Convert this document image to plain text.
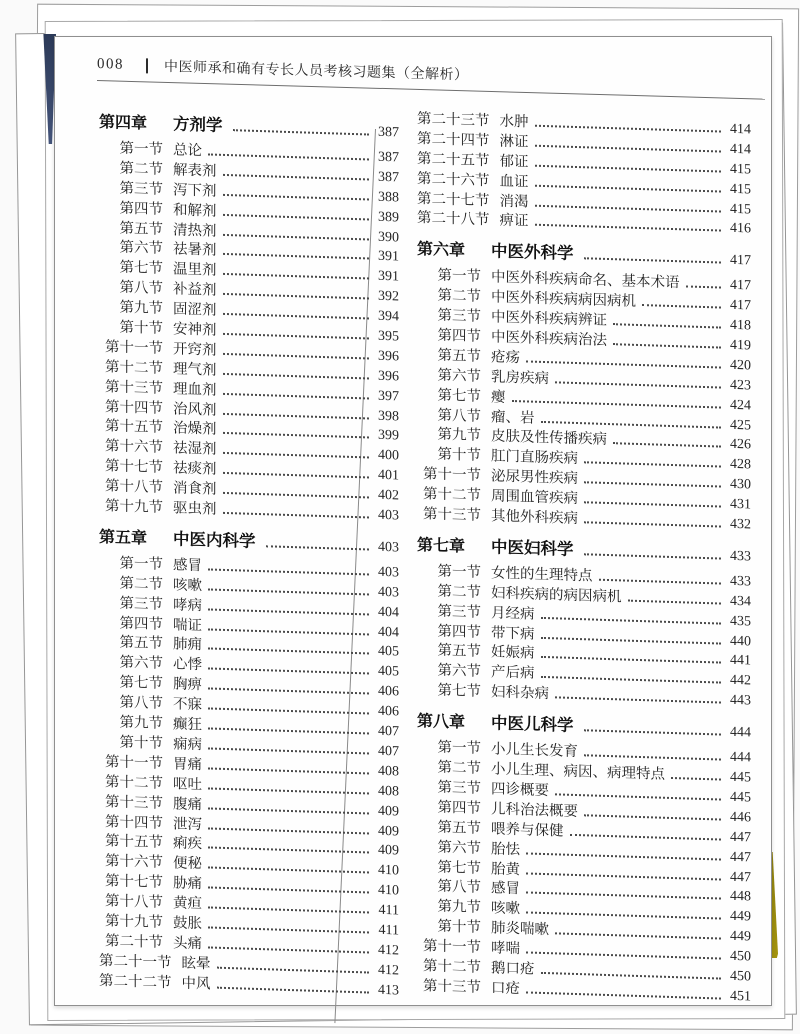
008	中医师承和确有专长人员考核习题集（全解析）
第四章	方剂学	387
第一节 总论	387
第二节 解表剂	387
第三节 泻下剂	388
第四节 和解剂	389
第五节 清热剂	390
第六节 祛暑剂	391
第七节 温里剂	391
第八节 补益剂	392
第九节 固涩剂	394
第十节 安神剂	395
第十一节 开窍剂	396
第十二节 理气剂	396
第十三节 理血剂	397
第十四节 治风剂	398
第十五节 治燥剂	399
第十六节 祛湿剂	400
第十七节 祛痰剂	401
第十八节 消食剂	402
第十九节 驱虫剂	403
第五章	中医内科学	403
第一节 感冒	403
第二节 咳嗽	403
第三节 哮病	404
第四节 喘证	404
第五节 肺痈	405
第六节 心悸	405
第七节 胸痹	406
第八节 不寐	406
第九节 癫狂	407
第十节 痫病	407
第十一节 胃痛	408
第十二节 呕吐	408
第十三节 腹痛	409
第十四节 泄泻	409
第十五节 痢疾	409
第十六节 便秘	410
第十七节 胁痛	410
第十八节 黄疸	411
第十九节 鼓胀	411
第二十节 头痛	412
第二十一节 眩晕	412
第二十二节 中风	413
第二十三节 水肿	414
第二十四节 淋证	414
第二十五节 郁证	415
第二十六节 血证	415
第二十七节 消渴	415
第二十八节 痹证	416
第六章	中医外科学	417
第一节 中医外科疾病命名、基本术语	417
第二节 中医外科疾病病因病机	417
第三节 中医外科疾病辨证	418
第四节 中医外科疾病治法	419
第五节 疮疡	420
第六节 乳房疾病	423
第七节 瘿	424
第八节 瘤、岩	425
第九节 皮肤及性传播疾病	426
第十节 肛门直肠疾病	428
第十一节 泌尿男性疾病	430
第十二节 周围血管疾病	431
第十三节 其他外科疾病	432
第七章	中医妇科学	433
第一节 女性的生理特点	433
第二节 妇科疾病的病因病机	434
第三节 月经病	435
第四节 带下病	440
第五节 妊娠病	441
第六节 产后病	442
第七节 妇科杂病	443
第八章	中医儿科学	444
第一节 小儿生长发育	444
第二节 小儿生理、病因、病理特点	445
第三节 四诊概要	445
第四节 儿科治法概要	446
第五节 喂养与保健	447
第六节 胎怯	447
第七节 胎黄	447
第八节 感冒	448
第九节 咳嗽	449
第十节 肺炎喘嗽	449
第十一节 哮喘	450
第十二节 鹅口疮	450
第十三节 口疮	451
